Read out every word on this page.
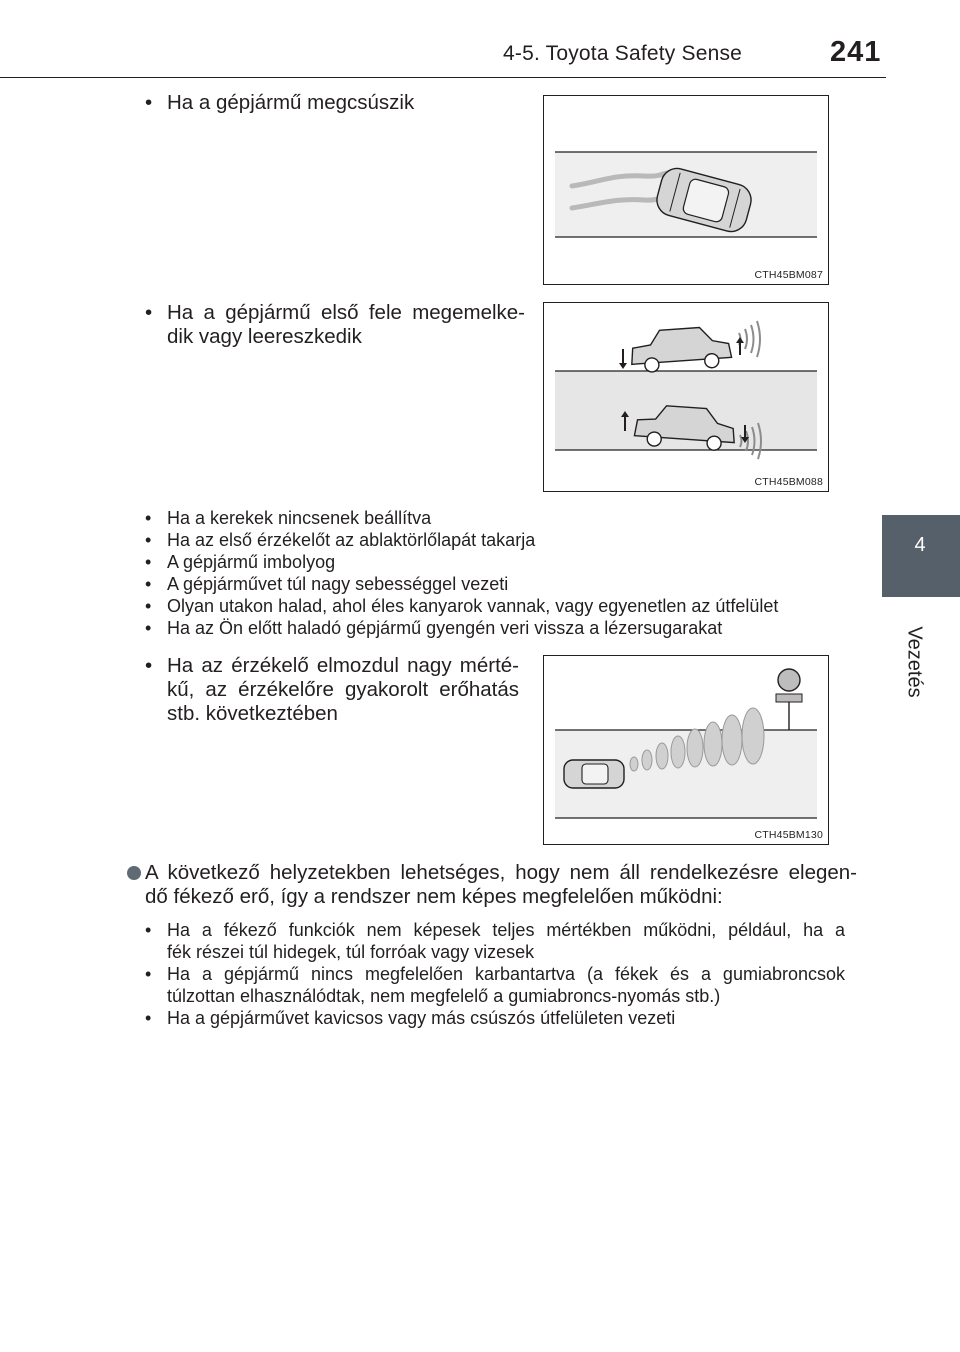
4-5. Toyota Safety Sense	241
4
Vezetés
• Ha a gépjármű megcsúszik
CTH45BM087
• Ha a gépjármű első fele megemelke-
dik vagy leereszkedik
CTH45BM088
• Ha a kerekek nincsenek beállítva
• Ha az első érzékelőt az ablaktörlőlapát takarja
• A gépjármű imbolyog
• A gépjárművet túl nagy sebességgel vezeti
• Olyan utakon halad, ahol éles kanyarok vannak, vagy egyenetlen az útfelület
• Ha az Ön előtt haladó gépjármű gyengén veri vissza a lézersugarakat
• Ha az érzékelő elmozdul nagy mérté-
kű, az érzékelőre gyakorolt erőhatás
stb. következtében
CTH45BM130
A következő helyzetekben lehetséges, hogy nem áll rendelkezésre elegen-
dő fékező erő, így a rendszer nem képes megfelelően működni:
• Ha a fékező funkciók nem képesek teljes mértékben működni, például, ha a
fék részei túl hidegek, túl forróak vagy vizesek
• Ha a gépjármű nincs megfelelően karbantartva (a fékek és a gumiabroncsok
túlzottan elhasználódtak, nem megfelelő a gumiabroncs-nyomás stb.)
• Ha a gépjárművet kavicsos vagy más csúszós útfelületen vezeti
